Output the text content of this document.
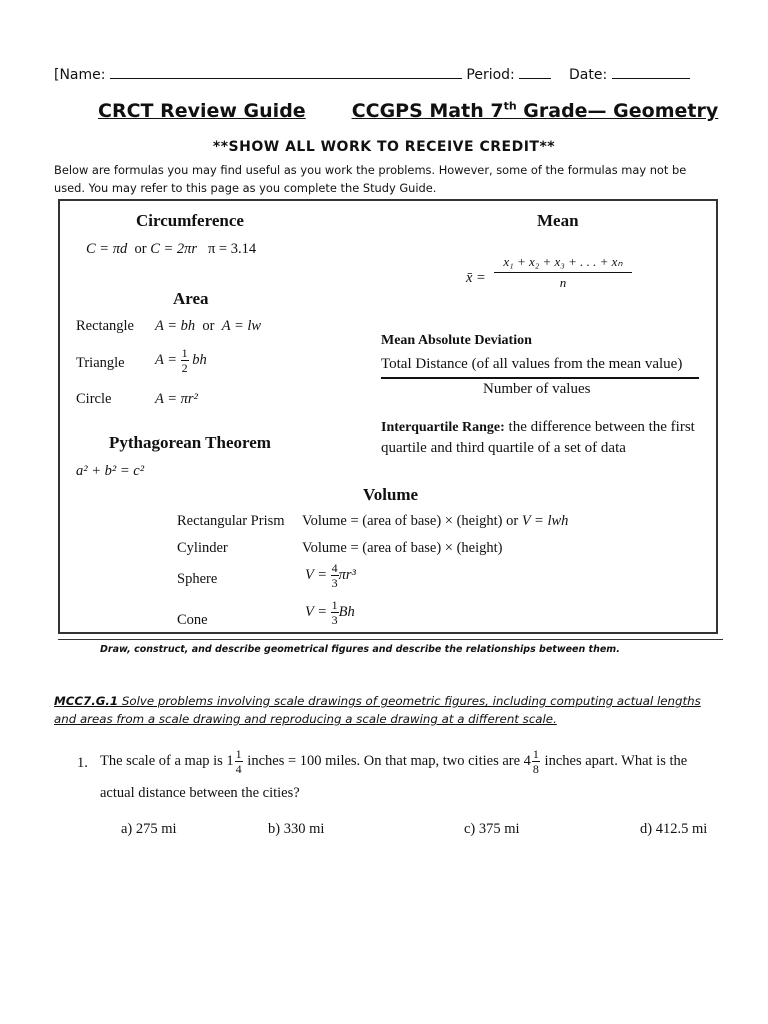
[Name:	Period:	Date:
CRCT Review Guide CCGPS Math 7th Grade— Geometry
**SHOW ALL WORK TO RECEIVE CREDIT**
Below are formulas you may find useful as you work the problems. However, some of the formulas may not be used. You may refer to this page as you complete the Study Guide.
Circumference
C = πd or C = 2πr π = 3.14
Area
Rectangle A = bh or A = lw
Triangle $A = \frac{1}{2}$ bh
Circle	A = πr²
Pythagorean Theorem
a² + b² = c²
Mean
x̄ =
x₁ + x₂ + x₃ + . . . + xₙ
n
Mean Absolute Deviation
Total Distance (of all values from the mean value)
Number of values
Interquartile Range: the difference between the first
quartile and third quartile of a set of data
Volume
Rectangular Prism Volume = (area of base) × (height) or V = lwh
Cylinder	Volume = (area of base) × (height)
Sphere	$V = \frac{4}{3} \pi r^3$
Cone
$V = \frac{1}{3}$ Bh
Draw, construct, and describe geometrical figures and describe the relationships between them.
MCC7.G.1 Solve problems involving scale drawings of geometric figures, including computing actual lengths and areas from a scale drawing and reproducing a scale drawing at a different scale.
1. The scale of a map is $1 \frac{1}{4}$ inches = 100 miles. On that map, two cities are $4 \frac{1}{8}$ inches apart. What is the
actual distance between the cities?
a) 275 mi	b) 330 mi	c) 375 mi	d) 412.5 mi
